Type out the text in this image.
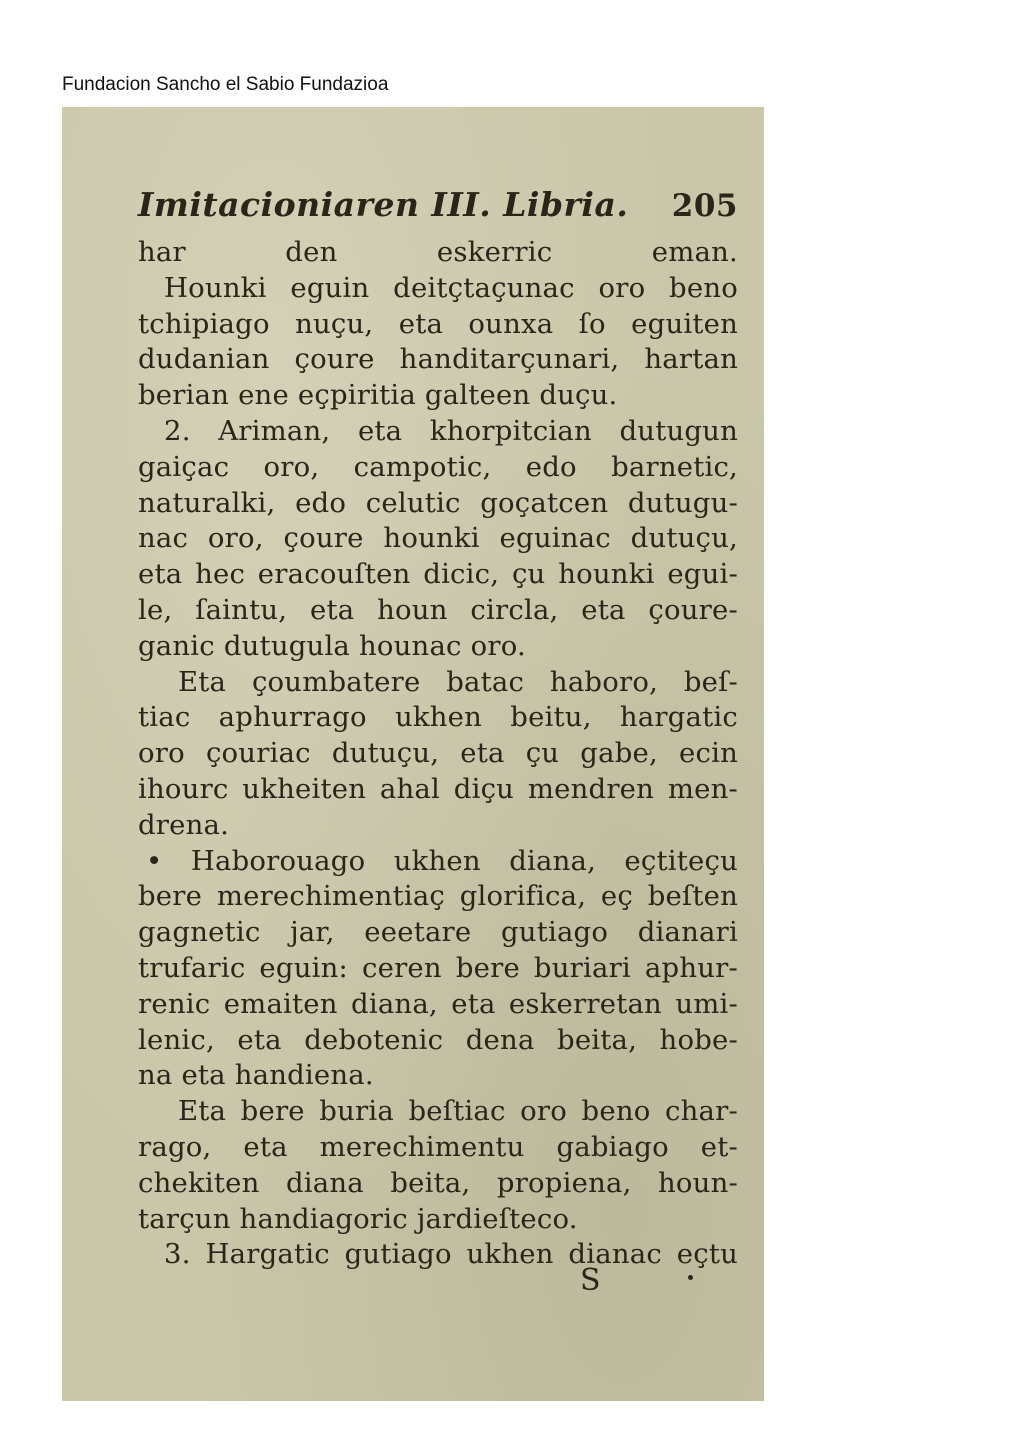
Fundacion Sancho el Sabio Fundazioa
Imitacioniaren III. Libria. 205
har den eskerric eman.
Hounki eguin deitçtaçunac oro beno
tchipiago nuçu, eta ounxa ſo eguiten
dudanian çoure handitarçunari, hartan
berian ene eçpiritia galteen duçu.
2. Ariman, eta khorpitcian dutugun
gaiçac oro, campotic, edo barnetic,
naturalki, edo celutic goçatcen dutugu-
nac oro, çoure hounki eguinac dutuçu,
eta hec eracouſten dicic, çu hounki egui-
le, ſaintu, eta houn circla, eta çoure-
ganic dutugula hounac oro.
Eta çoumbatere batac haboro, beſ-
tiac aphurrago ukhen beitu, hargatic
oro çouriac dutuçu, eta çu gabe, ecin
ihourc ukheiten ahal diçu mendren men-
drena.
• Haborouago ukhen diana, eçtiteçu
bere merechimentiaç glorifica, eç beſten
gagnetic jar, eeetare gutiago dianari
trufaric eguin: ceren bere buriari aphur-
renic emaiten diana, eta eskerretan umi-
lenic, eta debotenic dena beita, hobe-
na eta handiena.
Eta bere buria beſtiac oro beno char-
rago, eta merechimentu gabiago et-
chekiten diana beita, propiena, houn-
tarçun handiagoric jardieſteco.
3. Hargatic gutiago ukhen dianac eçtu
S
